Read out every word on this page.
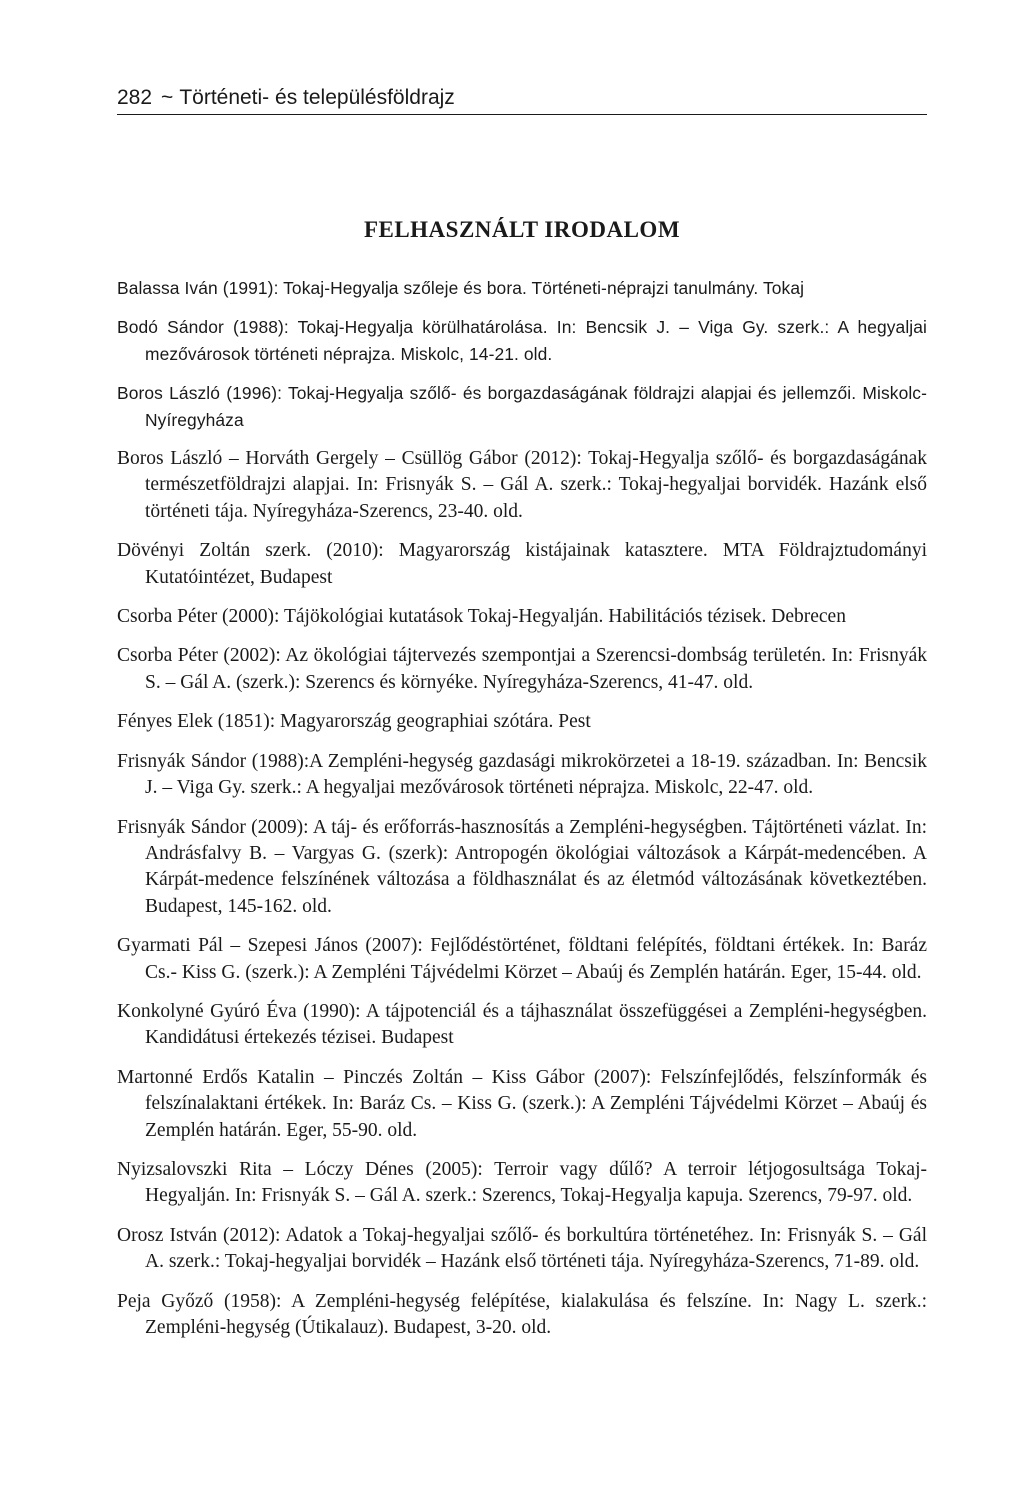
282 ~ Történeti- és településföldrajz
FELHASZNÁLT IRODALOM
Balassa Iván (1991): Tokaj-Hegyalja szőleje és bora. Történeti-néprajzi tanulmány. Tokaj
Bodó Sándor (1988): Tokaj-Hegyalja körülhatárolása. In: Bencsik J. – Viga Gy. szerk.: A hegyaljai mezővárosok történeti néprajza. Miskolc, 14-21. old.
Boros László (1996): Tokaj-Hegyalja szőlő- és borgazdaságának földrajzi alapjai és jellemzői. Miskolc-Nyíregyháza
Boros László – Horváth Gergely – Csüllög Gábor (2012): Tokaj-Hegyalja szőlő- és borgazdaságának természetföldrajzi alapjai. In: Frisnyák S. – Gál A. szerk.: Tokaj-hegyaljai borvidék. Hazánk első történeti tája. Nyíregyháza-Szerencs, 23-40. old.
Dövényi Zoltán szerk. (2010): Magyarország kistájainak katasztere. MTA Földrajztudományi Kutatóintézet, Budapest
Csorba Péter (2000): Tájökológiai kutatások Tokaj-Hegyalján. Habilitációs tézisek. Debrecen
Csorba Péter (2002): Az ökológiai tájtervezés szempontjai a Szerencsi-dombság területén. In: Frisnyák S. – Gál A. (szerk.): Szerencs és környéke. Nyíregyháza-Szerencs, 41-47. old.
Fényes Elek (1851): Magyarország geographiai szótára. Pest
Frisnyák Sándor (1988):A Zempléni-hegység gazdasági mikrokörzetei a 18-19. században. In: Bencsik J. – Viga Gy. szerk.: A hegyaljai mezővárosok történeti néprajza. Miskolc, 22-47. old.
Frisnyák Sándor (2009): A táj- és erőforrás-hasznosítás a Zempléni-hegységben. Tájtörténeti vázlat. In: Andrásfalvy B. – Vargyas G. (szerk): Antropogén ökológiai változások a Kárpát-medencében. A Kárpát-medence felszínének változása a földhasználat és az életmód változásának következtében. Budapest, 145-162. old.
Gyarmati Pál – Szepesi János (2007): Fejlődéstörténet, földtani felépítés, földtani értékek. In: Baráz Cs.- Kiss G. (szerk.): A Zempléni Tájvédelmi Körzet – Abaúj és Zemplén határán. Eger, 15-44. old.
Konkolyné Gyúró Éva (1990): A tájpotenciál és a tájhasználat összefüggései a Zempléni-hegységben. Kandidátusi értekezés tézisei. Budapest
Martonné Erdős Katalin – Pinczés Zoltán – Kiss Gábor (2007): Felszínfejlődés, felszínformák és felszínalaktani értékek. In: Baráz Cs. – Kiss G. (szerk.): A Zempléni Tájvédelmi Körzet – Abaúj és Zemplén határán. Eger, 55-90. old.
Nyizsalovszki Rita – Lóczy Dénes (2005): Terroir vagy dűlő? A terroir létjogosultsága Tokaj-Hegyalján. In: Frisnyák S. – Gál A. szerk.: Szerencs, Tokaj-Hegyalja kapuja. Szerencs, 79-97. old.
Orosz István (2012): Adatok a Tokaj-hegyaljai szőlő- és borkultúra történetéhez. In: Frisnyák S. – Gál A. szerk.: Tokaj-hegyaljai borvidék – Hazánk első történeti tája. Nyíregyháza-Szerencs, 71-89. old.
Peja Győző (1958): A Zempléni-hegység felépítése, kialakulása és felszíne. In: Nagy L. szerk.: Zempléni-hegység (Útikalauz). Budapest, 3-20. old.
